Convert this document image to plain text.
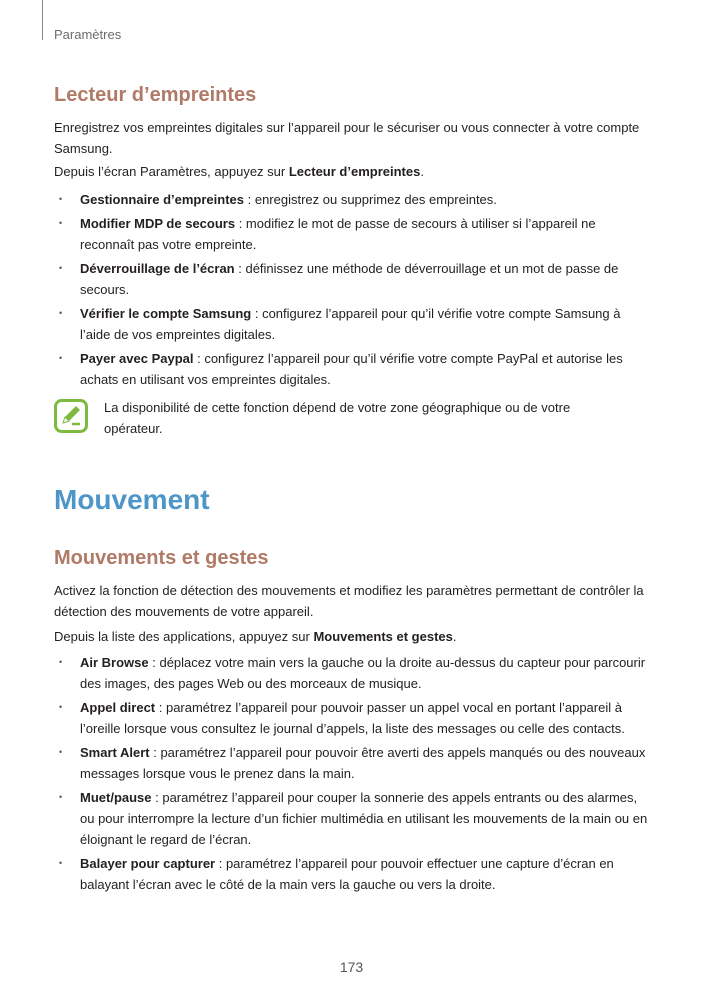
Paramètres
Lecteur d’empreintes

Enregistrez vos empreintes digitales sur l’appareil pour le sécuriser ou vous connecter à votre compte Samsung.

Depuis l’écran Paramètres, appuyez sur Lecteur d’empreintes.

• Gestionnaire d’empreintes : enregistrez ou supprimez des empreintes.
• Modifier MDP de secours : modifiez le mot de passe de secours à utiliser si l’appareil ne reconnaît pas votre empreinte.
• Déverrouillage de l’écran : définissez une méthode de déverrouillage et un mot de passe de secours.
• Vérifier le compte Samsung : configurez l’appareil pour qu’il vérifie votre compte Samsung à l’aide de vos empreintes digitales.
• Payer avec Paypal : configurez l’appareil pour qu’il vérifie votre compte PayPal et autorise les achats en utilisant vos empreintes digitales.

La disponibilité de cette fonction dépend de votre zone géographique ou de votre opérateur.

Mouvement
Mouvements et gestes

Activez la fonction de détection des mouvements et modifiez les paramètres permettant de contrôler la détection des mouvements de votre appareil.

Depuis la liste des applications, appuyez sur Mouvements et gestes.

• Air Browse : déplacez votre main vers la gauche ou la droite au-dessus du capteur pour parcourir des images, des pages Web ou des morceaux de musique.
• Appel direct : paramétrez l’appareil pour pouvoir passer un appel vocal en portant l’appareil à l’oreille lorsque vous consultez le journal d’appels, la liste des messages ou celle des contacts.
• Smart Alert : paramétrez l’appareil pour pouvoir être averti des appels manqués ou des nouveaux messages lorsque vous le prenez dans la main.
• Muet/pause : paramétrez l’appareil pour couper la sonnerie des appels entrants ou des alarmes, ou pour interrompre la lecture d’un fichier multimédia en utilisant les mouvements de la main ou en éloignant le regard de l’écran.
• Balayer pour capturer : paramétrez l’appareil pour pouvoir effectuer une capture d’écran en balayant l’écran avec le côté de la main vers la gauche ou vers la droite.
173
